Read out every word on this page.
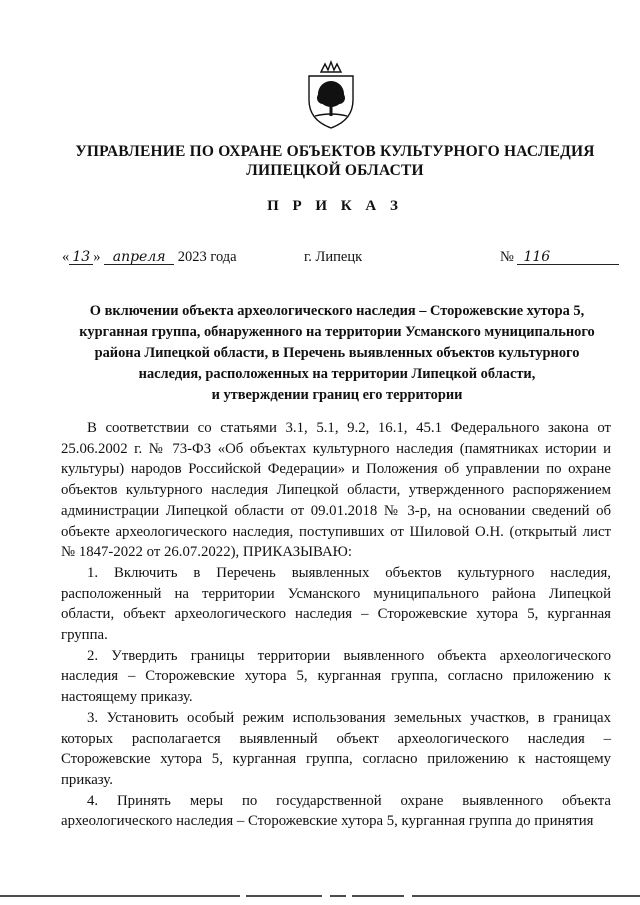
УПРАВЛЕНИЕ ПО ОХРАНЕ ОБЪЕКТОВ КУЛЬТУРНОГО НАСЛЕДИЯ
ЛИПЕЦКОЙ ОБЛАСТИ
П Р И К А З
« 13 » апреля 2023 года	г. Липецк	№ 116
О включении объекта археологического наследия – Сторожевские хутора 5,
курганная группа, обнаруженного на территории Усманского муниципального
района Липецкой области, в Перечень выявленных объектов культурного
наследия, расположенных на территории Липецкой области,
и утверждении границ его территории

В соответствии со статьями 3.1, 5.1, 9.2, 16.1, 45.1 Федерального закона от 25.06.2002 г. № 73-ФЗ «Об объектах культурного наследия (памятниках истории и культуры) народов Российской Федерации» и Положения об управлении по охране объектов культурного наследия Липецкой области, утвержденного распоряжением администрации Липецкой области от 09.01.2018 № 3-р, на основании сведений об объекте археологического наследия, поступивших от Шиловой О.Н. (открытый лист № 1847-2022 от 26.07.2022), ПРИКАЗЫВАЮ:

1. Включить в Перечень выявленных объектов культурного наследия, расположенный на территории Усманского муниципального района Липецкой области, объект археологического наследия – Сторожевские хутора 5, курганная группа.

2. Утвердить границы территории выявленного объекта археологического наследия – Сторожевские хутора 5, курганная группа, согласно приложению к настоящему приказу.

3. Установить особый режим использования земельных участков, в границах которых располагается выявленный объект археологического наследия – Сторожевские хутора 5, курганная группа, согласно приложению к настоящему приказу.

4. Принять меры по государственной охране выявленного объекта археологического наследия – Сторожевские хутора 5, курганная группа до принятия
